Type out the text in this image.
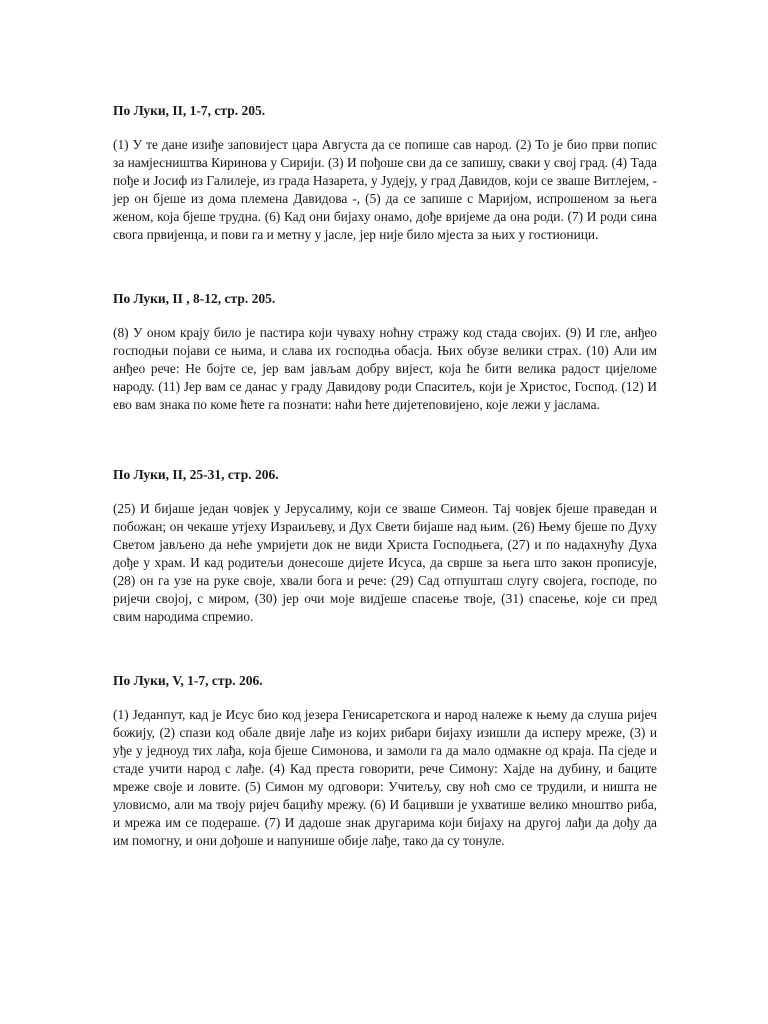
По Луки, II, 1-7, стр. 205.

(1) У те дане изиђе заповијест цара Августа да се попише сав народ. (2) То је био први попис за намјесништва Киринова у Сирији. (3) И пођоше сви да се запишу, сваки у свој град. (4) Тада пође и Јосиф из Галилеје, из града Назарета, у Јудеју, у град Давидов, који се зваше Витлејем, - јер он бјеше из дома племена Давидова -, (5) да се запише с Маријом, испрошеном за њега женом, која бјеше трудна. (6) Кад они бијаху онамо, дође вријеме да она роди. (7) И роди сина свога првијенца, и пови га и метну у јасле, јер није било мјеста за њих у гостионици.

По Луки, II , 8-12, стр. 205.

(8) У оном крају било је пастира који чуваху ноћну стражу код стада својих. (9) И гле, анђео господњи појави се њима, и слава их господња обасја. Њих обузе велики страх. (10) Али им анђео рече: Не бојте се, јер вам јављам добру вијест, која ће бити велика радост цијеломе народу. (11) Јер вам се данас у граду Давидову роди Спаситељ, који је Христос, Господ. (12) И ево вам знака по коме ћете га познати: наћи ћете дијетеповијено, које лежи у јаслама.

По Луки, II, 25-31, стр. 206.

(25) И бијаше један човјек у Јерусалиму, који се зваше Симеон. Тај човјек бјеше праведан и побожан; он чекаше утјеху Израиљеву, и Дух Свети бијаше над њим. (26) Њему бјеше по Духу Светом јављено да неће умријети док не види Христа Господњега, (27) и по надахнућу Духа дође у храм. И кад родитељи донесоше дијете Исуса, да сврше за њега што закон прописује, (28) он га узе на руке своје, хвали бога и рече: (29) Сад отпушташ слугу својега, господе, по ријечи својој, с миром, (30) јер очи моје видјеше спасење твоје, (31) спасење, које си пред свим народима спремио.

По Луки, V, 1-7, стр. 206.

(1) Једанпут, кад је Исус био код језера Генисаретскога и народ належе к њему да слуша ријеч божију, (2) спази код обале двије лађе из којих рибари бијаху изишли да исперу мреже, (3) и уђе у једноуд тих лађа, која бјеше Симонова, и замоли га да мало одмакне од краја. Па сједе и стаде учити народ с лађе. (4) Кад преста говорити, рече Симону: Хајде на дубину, и баците мреже своје и ловите. (5) Симон му одговори: Учитељу, сву ноћ смо се трудили, и ништа не уловисмо, али ма твоју ријеч бацићу мрежу. (6) И бацивши је ухватише велико мноштво риба, и мрежа им се подераше. (7) И дадоше знак другарима који бијаху на другој лађи да дођу да им помогну, и они дођоше и напунише обије лађе, тако да су тонуле.
